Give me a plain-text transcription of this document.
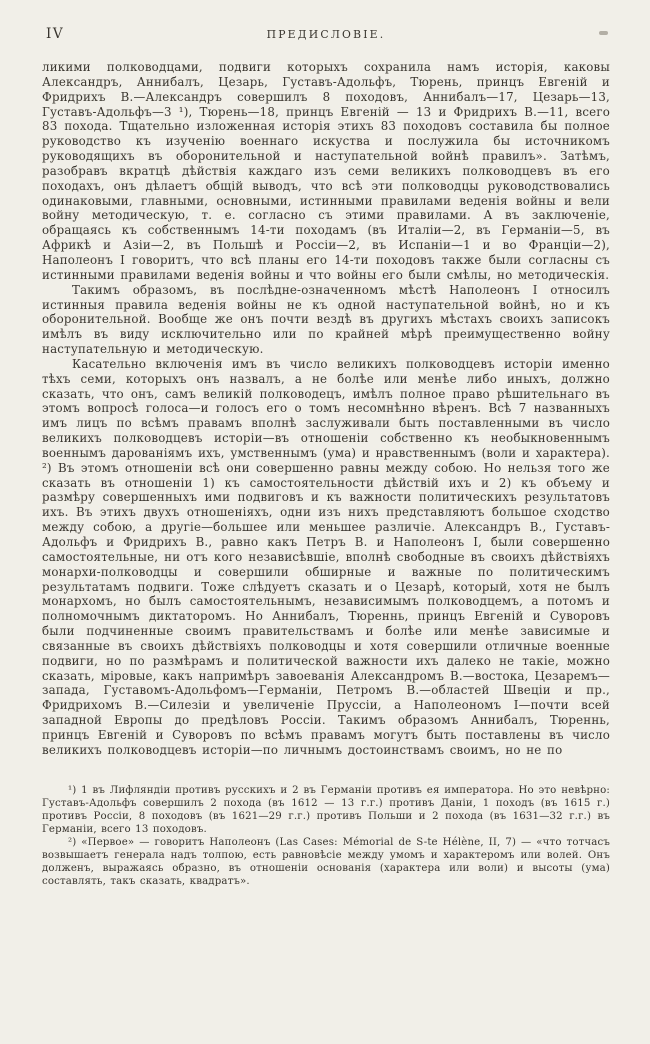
IV	ПРЕДИСЛОВІЕ.

ликими полководцами, подвиги которыхъ сохранила намъ исторія, каковы Александръ, Аннибалъ, Цезарь, Густавъ-Адольфъ, Тюрень, принцъ Евгеній и Фридрихъ В.—Александръ совершилъ 8 походовъ, Аннибалъ—17, Цезарь—13, Густавъ-Адольфъ—3 ¹), Тюрень—18, принцъ Евгеній — 13 и Фридрихъ В.—11, всего 83 похода. Тщательно изложенная исторія этихъ 83 походовъ составила бы полное руководство къ изученію военнаго искуства и послужила бы источникомъ руководящихъ въ оборонительной и наступательной войнѣ правилъ». Затѣмъ, разобравъ вкратцѣ дѣйствія каждаго изъ семи великихъ полководцевъ въ его походахъ, онъ дѣлаетъ общій выводъ, что всѣ эти полководцы руководствовались одинаковыми, главными, основными, истинными правилами веденія войны и вели войну методическую, т. е. согласно съ этими правилами. А въ заключеніе, обращаясь къ собственнымъ 14-ти походамъ (въ Италіи—2, въ Германіи—5, въ Африкѣ и Азіи—2, въ Польшѣ и Россіи—2, въ Испаніи—1 и во Франціи—2), Наполеонъ I говоритъ, что всѣ планы его 14-ти походовъ также были согласны съ истинными правилами веденія войны и что войны его были смѣлы, но методическія.

Такимъ образомъ, въ послѣдне-означенномъ мѣстѣ Наполеонъ I относилъ истинныя правила веденія войны не къ одной наступательной войнѣ, но и къ оборонительной. Вообще же онъ почти вездѣ въ другихъ мѣстахъ своихъ записокъ имѣлъ въ виду исключительно или по крайней мѣрѣ преимущественно войну наступательную и методическую.

Касательно включенія имъ въ число великихъ полководцевъ исторіи именно тѣхъ семи, которыхъ онъ назвалъ, а не болѣе или менѣе либо иныхъ, должно сказать, что онъ, самъ великій полководецъ, имѣлъ полное право рѣшительнаго въ этомъ вопросѣ голоса—и голосъ его о томъ несомнѣнно вѣренъ. Всѣ 7 названныхъ имъ лицъ по всѣмъ правамъ вполнѣ заслуживали быть поставленными въ число великихъ полководцевъ исторіи—въ отношеніи собственно къ необыкновеннымъ военнымъ дарованіямъ ихъ, умственнымъ (ума) и нравственнымъ (воли и характера). ²) Въ этомъ отношеніи всѣ они совершенно равны между собою. Но нельзя того же сказать въ отношеніи 1) къ самостоятельности дѣйствій ихъ и 2) къ объему и размѣру совершенныхъ ими подвиговъ и къ важности политическихъ результатовъ ихъ. Въ этихъ двухъ отношеніяхъ, одни изъ нихъ представляютъ большое сходство между собою, а другіе—большее или меньшее различіе. Александръ В., Густавъ-Адольфъ и Фридрихъ В., равно какъ Петръ В. и Наполеонъ I, были совершенно самостоятельные, ни отъ кого независѣвшіе, вполнѣ свободные въ своихъ дѣйствіяхъ монархи-полководцы и совершили обширные и важные по политическимъ результатамъ подвиги. Тоже слѣдуетъ сказать и о Цезарѣ, который, хотя не былъ монархомъ, но былъ самостоятельнымъ, независимымъ полководцемъ, а потомъ и полномочнымъ диктаторомъ. Но Аннибалъ, Тюреннь, принцъ Евгеній и Суворовъ были подчиненные своимъ правительствамъ и болѣе или менѣе зависимые и связанные въ своихъ дѣйствіяхъ полководцы и хотя совершили отличные военные подвиги, но по размѣрамъ и политической важности ихъ далеко не такіе, можно сказать, міровые, какъ напримѣръ завоеванія Александромъ В.—востока, Цезаремъ—запада, Густавомъ-Адольфомъ—Германіи, Петромъ В.—областей Швеціи и пр., Фридрихомъ В.—Силезіи и увеличеніе Пруссіи, а Наполеономъ I—почти всей западной Европы до предѣловъ Россіи. Такимъ образомъ Аннибалъ, Тюреннь, принцъ Евгеній и Суворовъ по всѣмъ правамъ могутъ быть поставлены въ число великихъ полководцевъ исторіи—по личнымъ достоинствамъ своимъ, но не по

¹) 1 въ Лифляндіи противъ русскихъ и 2 въ Германіи противъ ея императора. Но это невѣрно: Густавъ-Адольфъ совершилъ 2 похода (въ 1612 — 13 г.г.) противъ Даніи, 1 походъ (въ 1615 г.) противъ Россіи, 8 походовъ (въ 1621—29 г.г.) противъ Польши и 2 похода (въ 1631—32 г.г.) въ Германіи, всего 13 походовъ.

²) «Первое» — говоритъ Наполеонъ (Las Cases: Mémorial de S-te Hélène, II, 7) — «что тотчасъ возвышаетъ генерала надъ толпою, есть равновѣсіе между умомъ и характеромъ или волей. Онъ долженъ, выражаясь образно, въ отношеніи основанія (характера или воли) и высоты (ума) составлять, такъ сказать, квадратъ».
